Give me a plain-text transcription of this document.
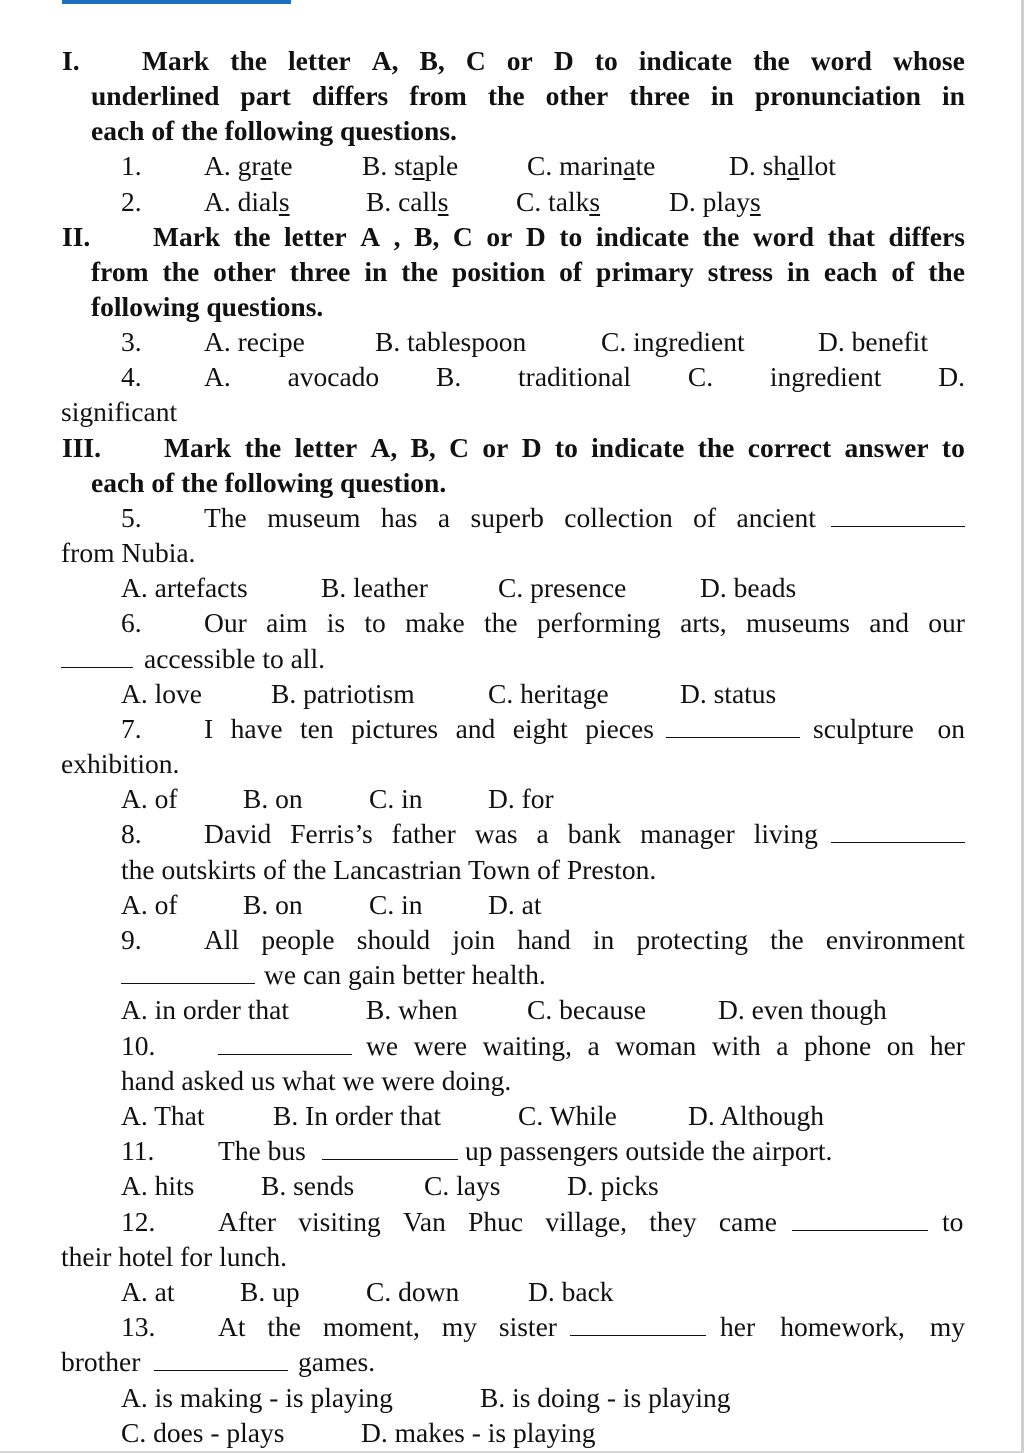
I. Mark the letter A, B, C or D to indicate the word whose
underlined part differs from the other three in pronunciation in
each of the following questions.
1. A. grate	B. staple C. marinate	D. shallot
2. A. dials	B. calls C. talks	D. plays
II. Mark the letter A , B, C or D to indicate the word that differs
from the other three in the position of primary stress in each of the
following questions.
3. A. recipe	B. tablespoon	C. ingredient	D. benefit
4. A. avocado B. traditional C. ingredient D.
significant
III. Mark the letter A, B, C or D to indicate the correct answer to
each of the following question.
5. The museum has a superb collection of ancient
from Nubia.
A. artefacts	B. leather	C. presence	D. beads
6. Our aim is to make the performing arts, museums and our
accessible to all.
A. love	B. patriotism	C. heritage	D. status
7. I have ten pictures and eight pieces	sculpture on
exhibition.
A. of B. on C. in D. for
8. David Ferris’s father was a bank manager living
the outskirts of the Lancastrian Town of Preston.
A. of B. on C. in D. at
9. All people should join hand in protecting the environment
we can gain better health.
A. in order that	B. when	C. because	D. even though
10.	we were waiting, a woman with a phone on her
hand asked us what we were doing.
A. That B. In order that	C. While	D. Although
11. The bus	up passengers outside the airport.
A. hits B. sends	C. lays D. picks
12. After visiting Van Phuc village, they came	to
their hotel for lunch.
A. at B. up C. down	D. back
13. At the moment, my sister	her homework, my
brother	games.
A. is making - is playing	B. is doing - is playing
C. does - plays	D. makes - is playing
